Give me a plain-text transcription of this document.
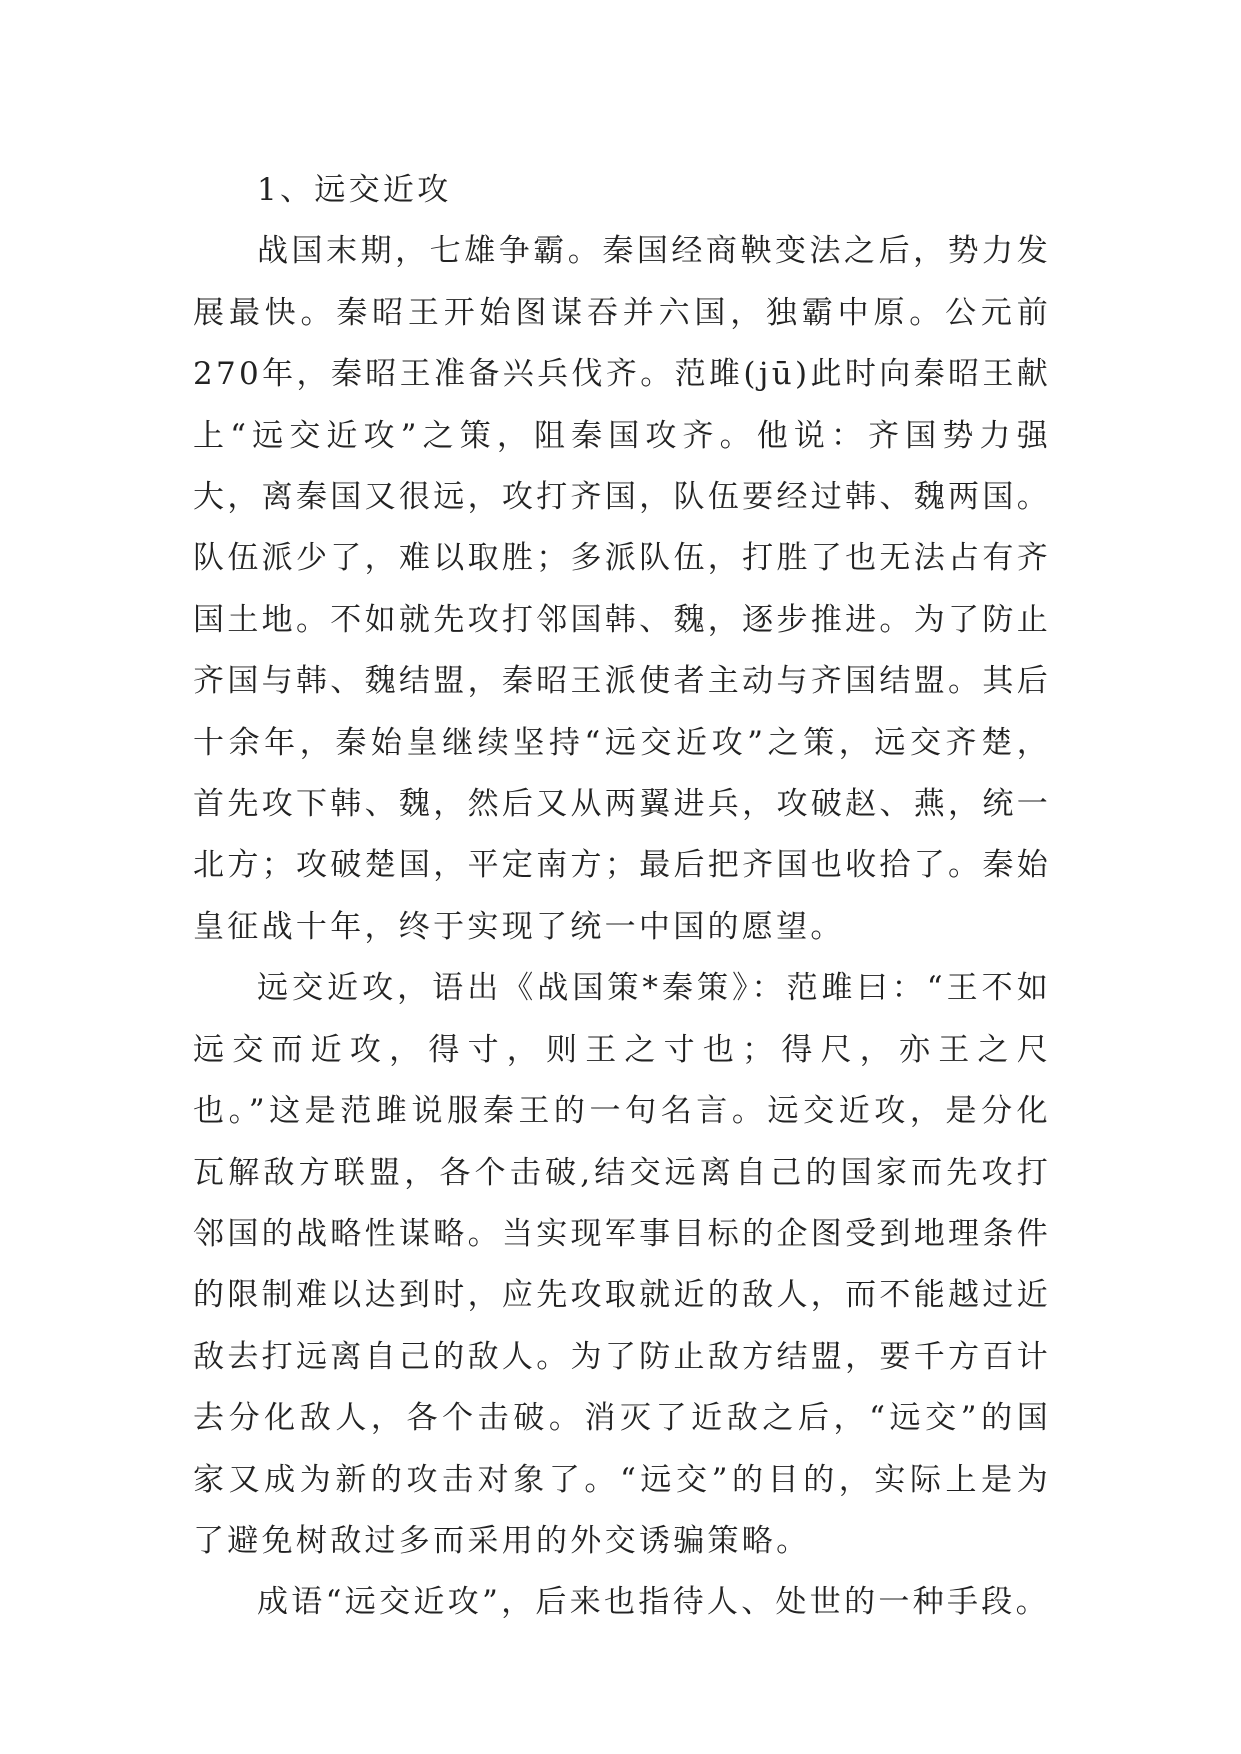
1、远交近攻

战国末期，七雄争霸。秦国经商鞅变法之后，势力发展最快。秦昭王开始图谋吞并六国，独霸中原。公元前270年，秦昭王准备兴兵伐齐。范雎(jū)此时向秦昭王献上“远交近攻”之策，阻秦国攻齐。他说：齐国势力强大，离秦国又很远，攻打齐国，队伍要经过韩、魏两国。队伍派少了，难以取胜；多派队伍，打胜了也无法占有齐国土地。不如就先攻打邻国韩、魏，逐步推进。为了防止齐国与韩、魏结盟，秦昭王派使者主动与齐国结盟。其后十余年，秦始皇继续坚持“远交近攻”之策，远交齐楚，首先攻下韩、魏，然后又从两翼进兵，攻破赵、燕，统一北方；攻破楚国，平定南方；最后把齐国也收拾了。秦始皇征战十年，终于实现了统一中国的愿望。

远交近攻，语出《战国策*秦策》：范雎曰：“王不如远交而近攻，得寸，则王之寸也；得尺，亦王之尺也。”这是范雎说服秦王的一句名言。远交近攻，是分化瓦解敌方联盟，各个击破,结交远离自己的国家而先攻打邻国的战略性谋略。当实现军事目标的企图受到地理条件的限制难以达到时，应先攻取就近的敌人，而不能越过近敌去打远离自己的敌人。为了防止敌方结盟，要千方百计去分化敌人，各个击破。消灭了近敌之后，“远交”的国家又成为新的攻击对象了。“远交”的目的，实际上是为了避免树敌过多而采用的外交诱骗策略。

成语“远交近攻”，后来也指待人、处世的一种手段。
